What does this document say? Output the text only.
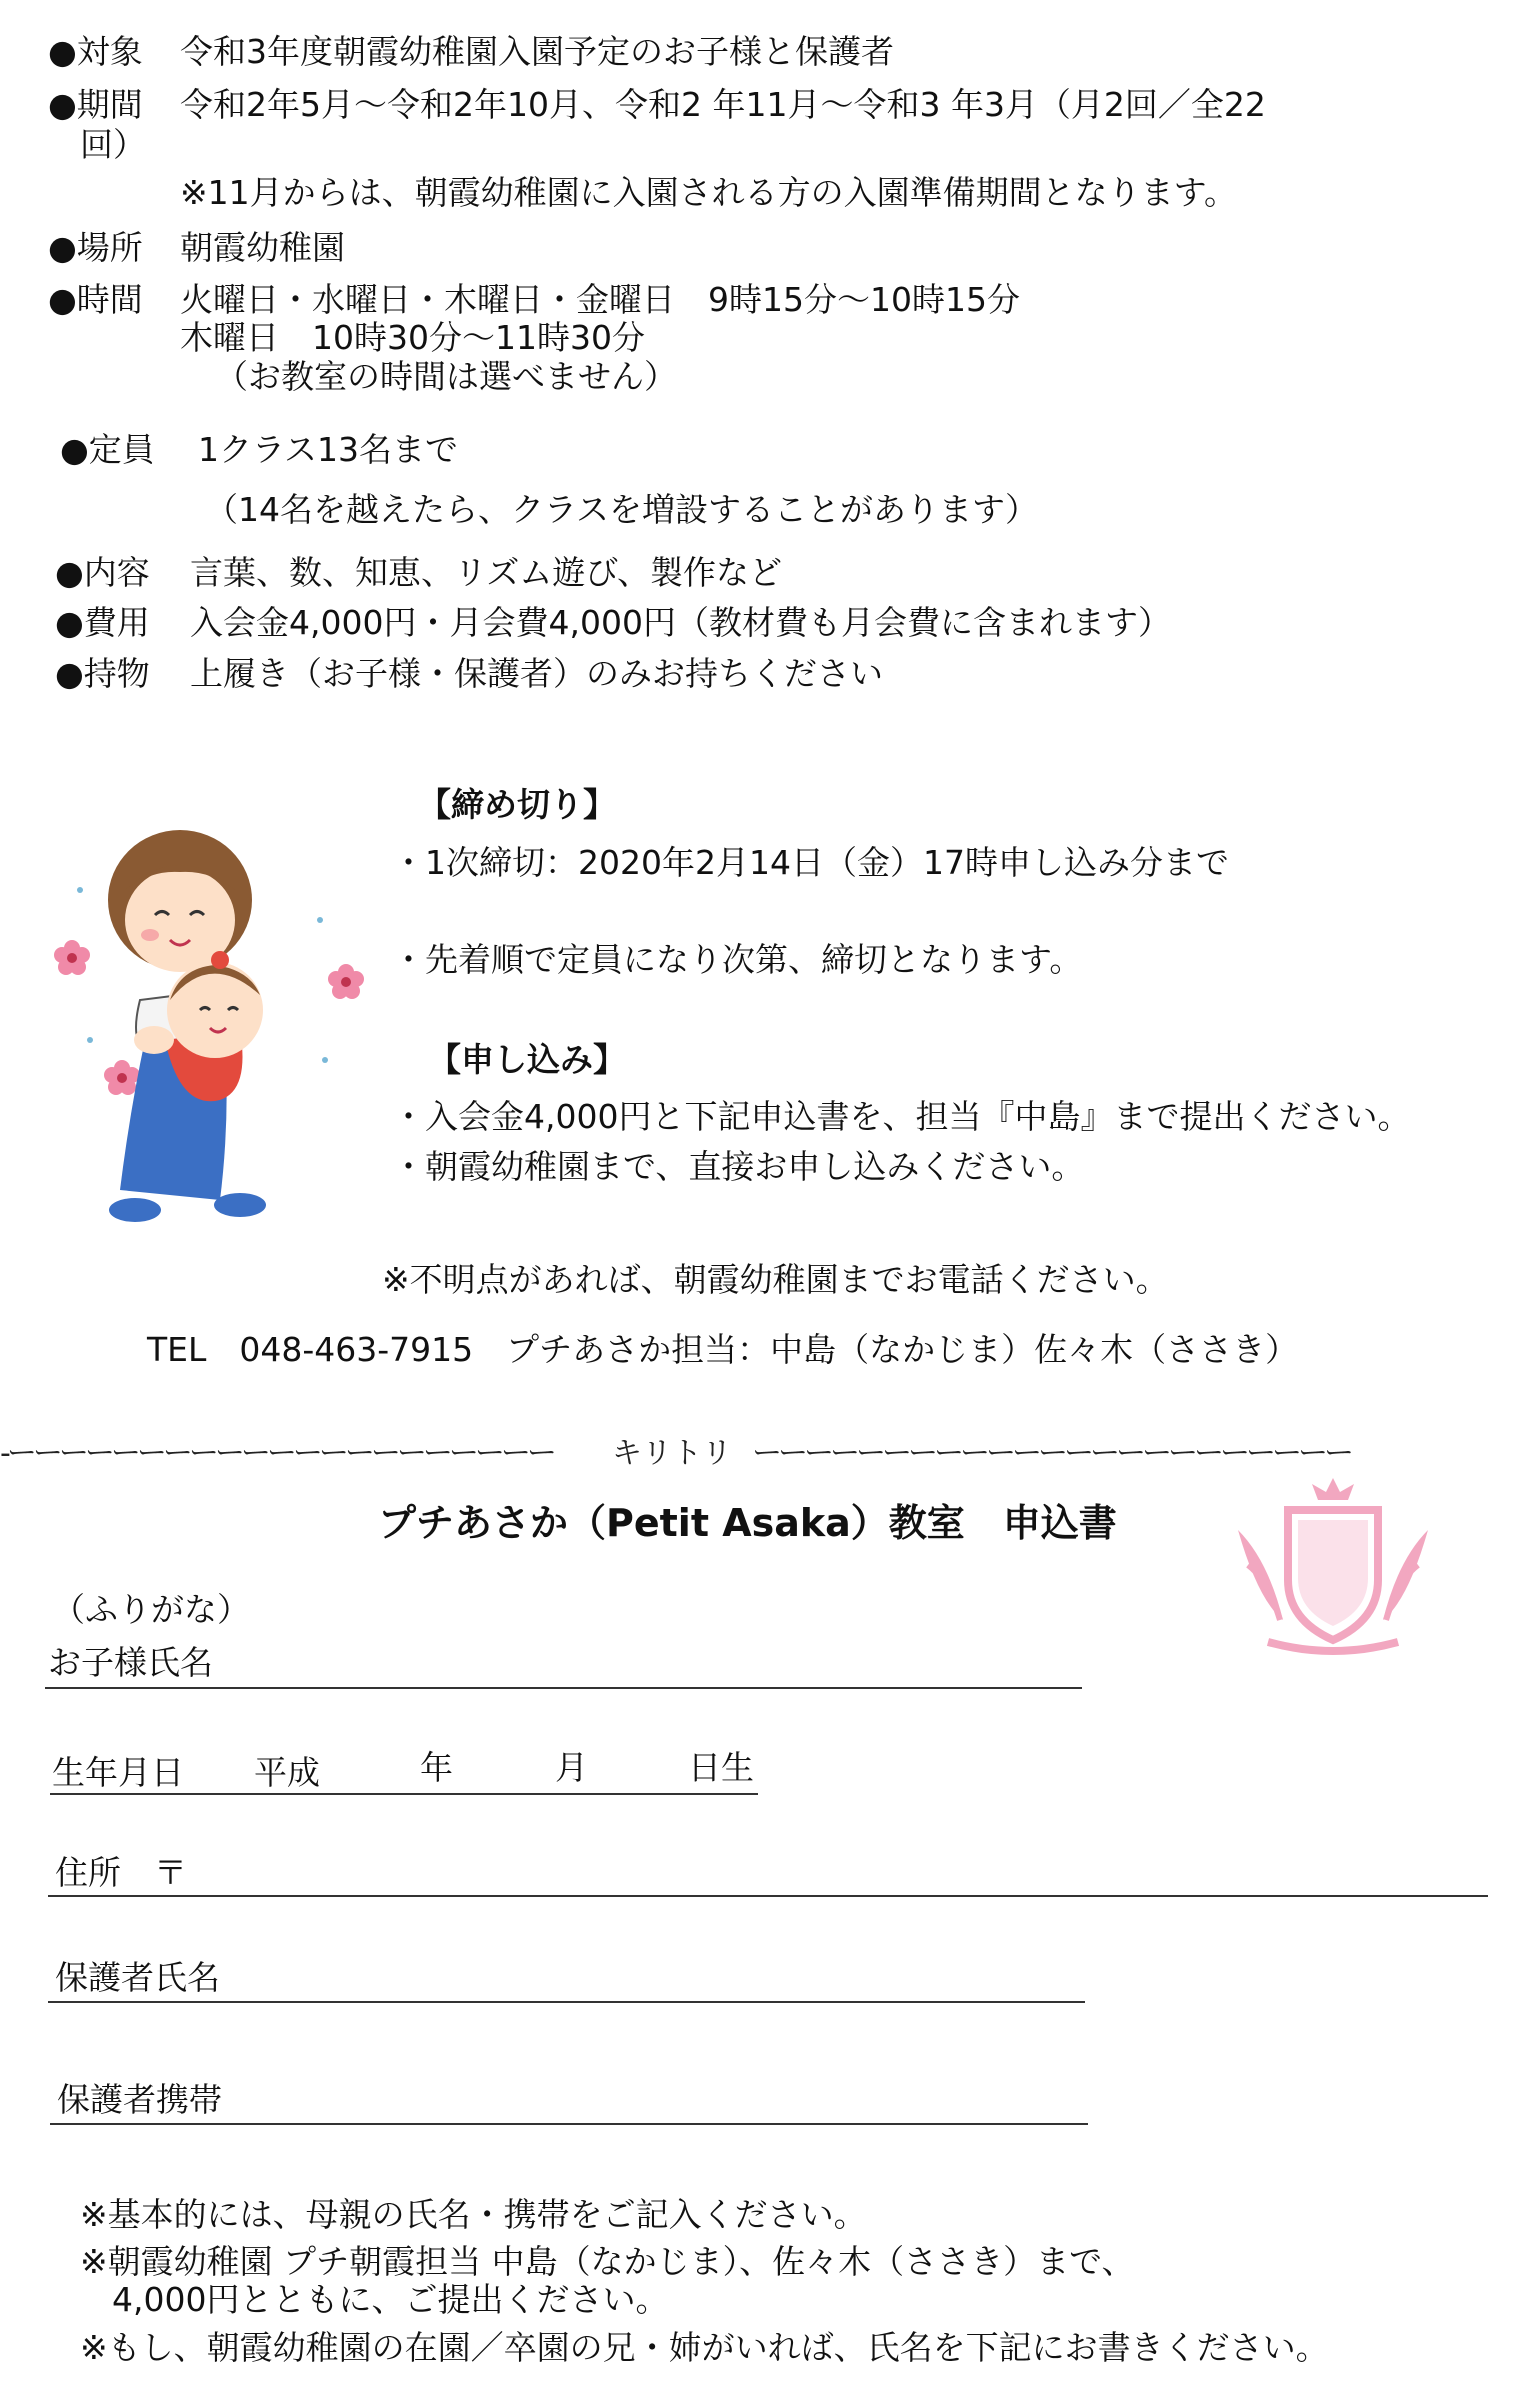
●対象 令和3年度朝霞幼稚園入園予定のお子様と保護者
●期間 令和2年5月～令和2年10月、令和2 年11月～令和3 年3月（月2回／全22
回）
※11月からは、朝霞幼稚園に入園される方の入園準備期間となります。
●場所 朝霞幼稚園
●時間 火曜日・水曜日・木曜日・金曜日　9時15分～10時15分
木曜日　10時30分～11時30分
（お教室の時間は選べません）
●定員 1クラス13名まで
（14名を越えたら、クラスを増設することがあります）
●内容 言葉、数、知恵、リズム遊び、製作など
●費用 入会金4,000円・月会費4,000円（教材費も月会費に含まれます）
●持物 上履き（お子様・保護者）のみお持ちください
【締め切り】
・1次締切：2020年2月14日（金）17時申し込み分まで
・先着順で定員になり次第、締切となります。
【申し込み】
・入会金4,000円と下記申込書を、担当『中島』まで提出ください。
・朝霞幼稚園まで、直接お申し込みください。
※不明点があれば、朝霞幼稚園までお電話ください。
TEL　048-463-7915　プチあさか担当：中島（なかじま）佐々木（ささき）
-ーーーーーーーーーーーーーーーーーーーーー キリトリ ーーーーーーーーーーーーーーーーーーーーーーー
プチあさか（Petit Asaka）教室　申込書
（ふりがな）
お子様氏名
生年月日 平成	年	月	日生
住所　〒
保護者氏名
保護者携帯
※基本的には、母親の氏名・携帯をご記入ください。
※朝霞幼稚園 プチ朝霞担当 中島（なかじま）、佐々木（ささき）まで、
4,000円とともに、ご提出ください。
※もし、朝霞幼稚園の在園／卒園の兄・姉がいれば、氏名を下記にお書きください。
